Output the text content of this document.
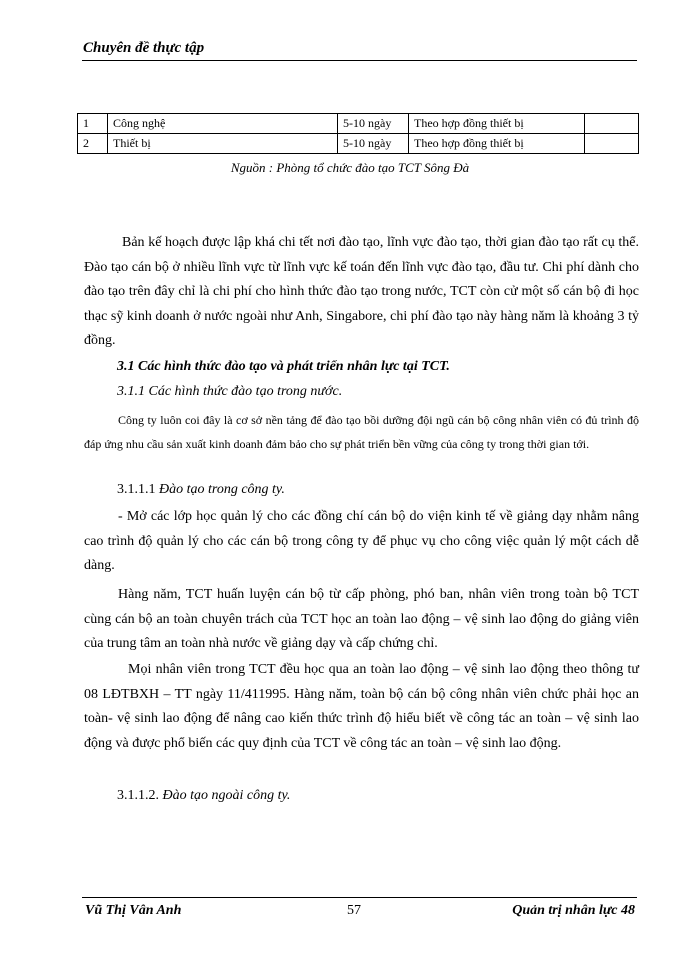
Chuyên đề thực tập
1	Công nghệ	5-10 ngày	Theo hợp đồng thiết bị	
2	Thiết bị	5-10 ngày	Theo hợp đồng thiết bị	
Nguồn : Phòng tổ chức đào tạo TCT Sông Đà
Bản kế hoạch được lập khá chi tết nơi đào tạo, lĩnh vực đào tạo, thời gian đào tạo rất cụ thể. Đào tạo cán bộ ở nhiều lĩnh vực từ lĩnh vực kế toán đến lĩnh vực đào tạo, đầu tư. Chi phí dành cho đào tạo trên đây chỉ là chi phí cho hình thức đào tạo trong nước, TCT còn cử một số cán bộ đi học thạc sỹ kinh doanh ở nước ngoài như Anh, Singabore, chi phí đào tạo này hàng năm là khoảng 3 tỷ đồng.
3.1 Các hình thức đào tạo và phát triển nhân lực tại TCT.
3.1.1 Các hình thức đào tạo trong nước.
Công ty luôn coi đây là cơ sở nền tảng để đào tạo bồi dưỡng đội ngũ cán bộ công nhân viên có đủ trình độ đáp ứng nhu cầu sản xuất kinh doanh đảm bảo cho sự phát triển bền vững của công ty trong thời gian tới.
3.1.1.1 Đào tạo trong công ty.
- Mở các lớp học quản lý cho các đồng chí cán bộ do viện kinh tế về giảng dạy nhằm nâng cao trình độ quản lý cho các cán bộ trong công ty để phục vụ cho công việc quản lý một cách dễ dàng.
Hàng năm, TCT huấn luyện cán bộ từ cấp phòng, phó ban, nhân viên trong toàn bộ TCT cùng cán bộ an toàn chuyên trách của TCT học an toàn lao động – vệ sinh lao động do giảng viên của trung tâm an toàn nhà nước về giảng dạy và cấp chứng chỉ.
Mọi nhân viên trong TCT đều học qua an toàn lao động – vệ sinh lao động theo thông tư 08 LĐTBXH – TT ngày 11/411995. Hàng năm, toàn bộ cán bộ công nhân viên chức phải học an toàn- vệ sinh lao động để nâng cao kiến thức trình độ hiểu biết về công tác an toàn – vệ sinh lao động và được phổ biến các quy định của TCT về công tác an toàn – vệ sinh lao động.
3.1.1.2. Đào tạo ngoài công ty.
Vũ Thị Vân Anh	57	Quản trị nhân lực 48
